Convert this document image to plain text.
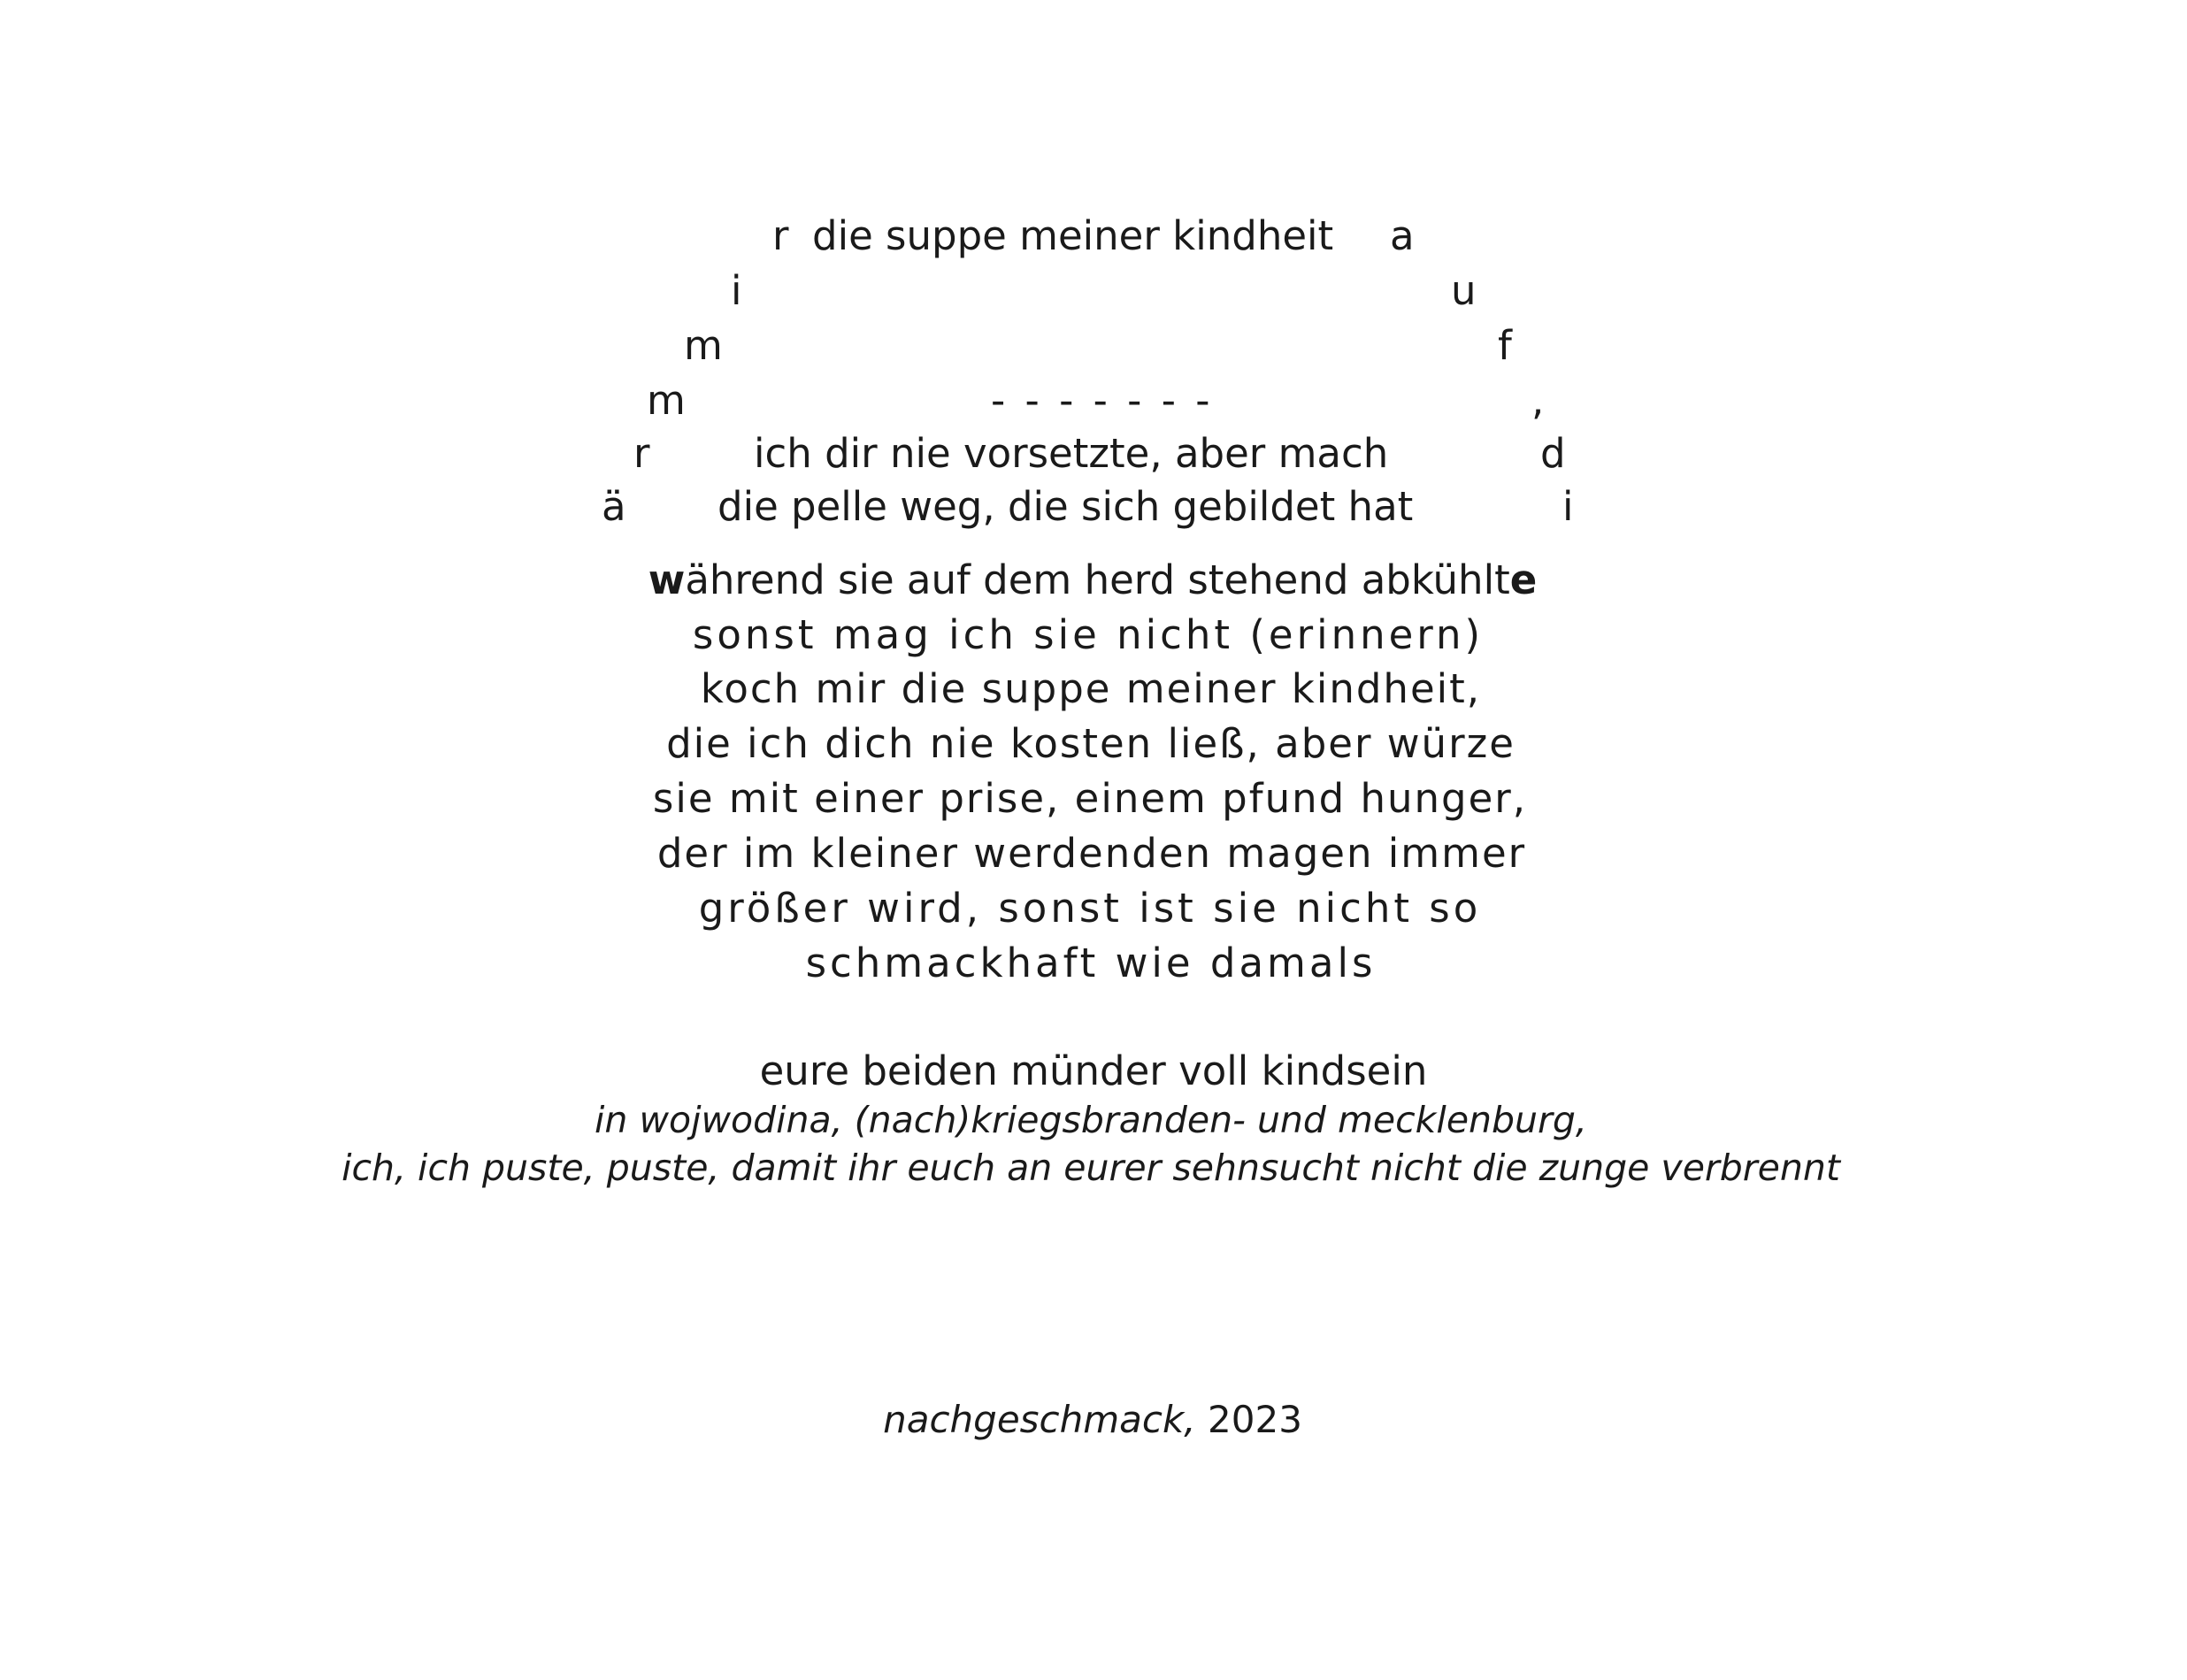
r die suppe meiner kindheit a
i	u
m	f
m	- - - - - - -	,
r	ich dir nie vorsetzte, aber mach	d
ä die pelle weg, die sich gebildet hat	i
während sie auf dem herd stehend abkühlte
sonst mag ich sie nicht (erinnern)
koch mir die suppe meiner kindheit,
die ich dich nie kosten ließ, aber würze
sie mit einer prise, einem pfund hunger,
der im kleiner werdenden magen immer
größer wird, sonst ist sie nicht so
schmackhaft wie damals
eure beiden münder voll kindsein
in wojwodina, (nach)kriegsbranden- und mecklenburg,
ich, ich puste, puste, damit ihr euch an eurer sehnsucht nicht die zunge verbrennt
nachgeschmack, 2023
